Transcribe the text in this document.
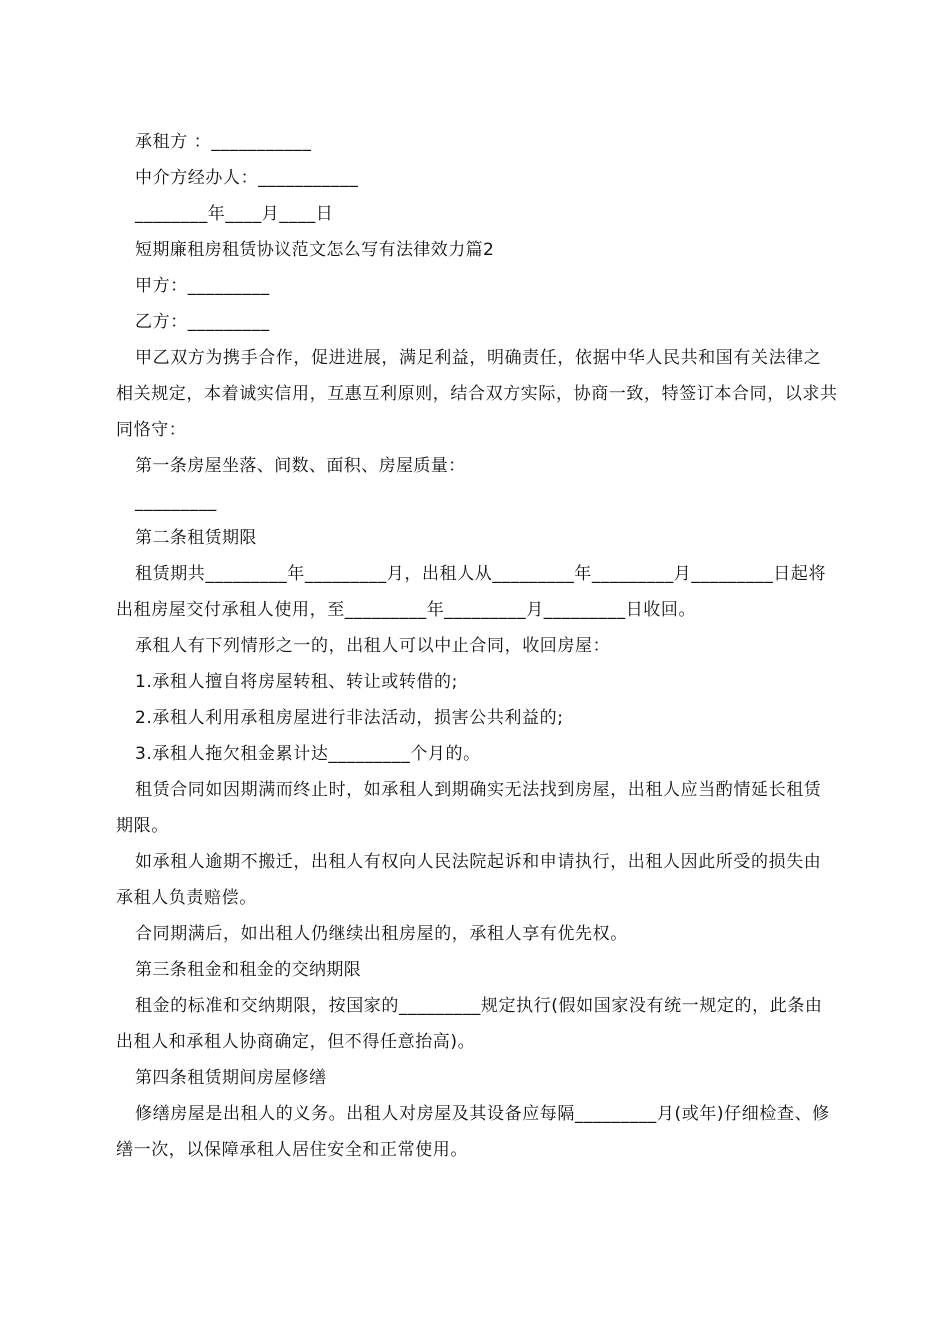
承租方 ：___________

中介方经办人：___________

________年____月____日

短期廉租房租赁协议范文怎么写有法律效力篇2

甲方：_________

乙方：_________

甲乙双方为携手合作，促进进展，满足利益，明确责任，依据中华人民共和国有关法律之相关规定，本着诚实信用，互惠互利原则，结合双方实际，协商一致，特签订本合同，以求共同恪守：

第一条房屋坐落、间数、面积、房屋质量：

_________

第二条租赁期限

租赁期共_________年_________月，出租人从_________年_________月_________日起将出租房屋交付承租人使用，至_________年_________月_________日收回。

承租人有下列情形之一的，出租人可以中止合同，收回房屋：

1.承租人擅自将房屋转租、转让或转借的;

2.承租人利用承租房屋进行非法活动，损害公共利益的;

3.承租人拖欠租金累计达_________个月的。

租赁合同如因期满而终止时，如承租人到期确实无法找到房屋，出租人应当酌情延长租赁期限。

如承租人逾期不搬迁，出租人有权向人民法院起诉和申请执行，出租人因此所受的损失由承租人负责赔偿。

合同期满后，如出租人仍继续出租房屋的，承租人享有优先权。

第三条租金和租金的交纳期限

租金的标准和交纳期限，按国家的_________规定执行(假如国家没有统一规定的，此条由出租人和承租人协商确定，但不得任意抬高)。

第四条租赁期间房屋修缮

修缮房屋是出租人的义务。出租人对房屋及其设备应每隔_________月(或年)仔细检查、修缮一次，以保障承租人居住安全和正常使用。
